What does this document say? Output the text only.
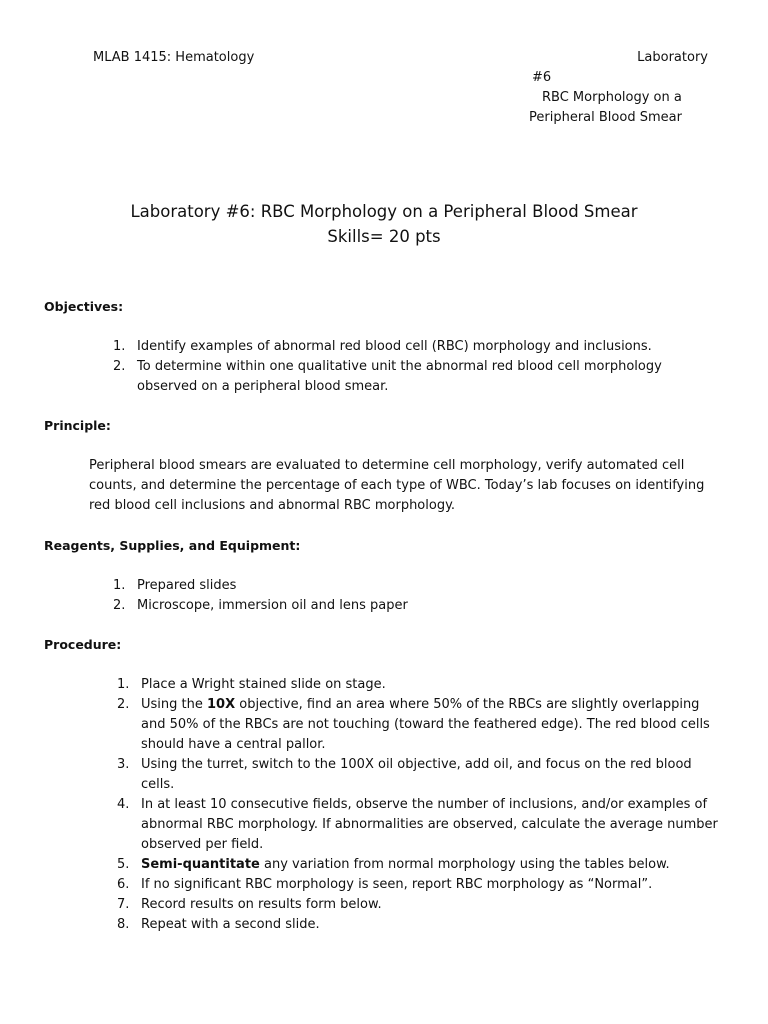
MLAB 1415: Hematology	Laboratory
#6
RBC Morphology on a
Peripheral Blood Smear
Laboratory #6: RBC Morphology on a Peripheral Blood Smear
Skills= 20 pts
Objectives:
1. Identify examples of abnormal red blood cell (RBC) morphology and inclusions.
2. To determine within one qualitative unit the abnormal red blood cell morphology observed on a peripheral blood smear.
Principle:
Peripheral blood smears are evaluated to determine cell morphology, verify automated cell counts, and determine the percentage of each type of WBC. Today’s lab focuses on identifying red blood cell inclusions and abnormal RBC morphology.
Reagents, Supplies, and Equipment:
1. Prepared slides
2. Microscope, immersion oil and lens paper
Procedure:
1. Place a Wright stained slide on stage.
2. Using the 10X objective, find an area where 50% of the RBCs are slightly overlapping and 50% of the RBCs are not touching (toward the feathered edge). The red blood cells should have a central pallor.
3. Using the turret, switch to the 100X oil objective, add oil, and focus on the red blood cells.
4. In at least 10 consecutive fields, observe the number of inclusions, and/or examples of abnormal RBC morphology. If abnormalities are observed, calculate the average number observed per field.
5. Semi-quantitate any variation from normal morphology using the tables below.
6. If no significant RBC morphology is seen, report RBC morphology as “Normal”.
7. Record results on results form below.
8. Repeat with a second slide.
